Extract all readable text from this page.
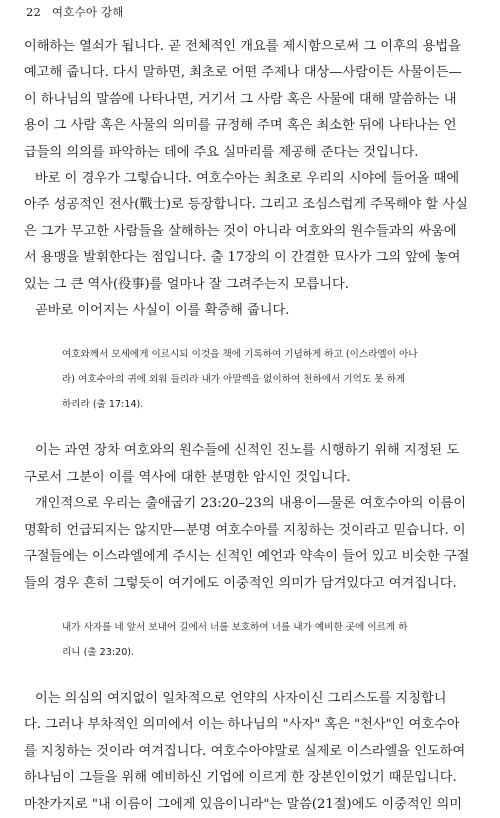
22 여호수아 강해
이해하는 열쇠가 됩니다. 곧 전체적인 개요를 제시함으로써 그 이후의 용법을
예고해 줍니다. 다시 말하면, 최초로 어떤 주제나 대상—사람이든 사물이든—
이 하나님의 말씀에 나타나면, 거기서 그 사람 혹은 사물에 대해 말씀하는 내
용이 그 사람 혹은 사물의 의미를 규정해 주며 혹은 최소한 뒤에 나타나는 언
급들의 의의를 파악하는 데에 주요 실마리를 제공해 준다는 것입니다.
바로 이 경우가 그렇습니다. 여호수아는 최초로 우리의 시야에 들어올 때에
아주 성공적인 전사(戰士)로 등장합니다. 그리고 조심스럽게 주목해야 할 사실
은 그가 무고한 사람들을 살해하는 것이 아니라 여호와의 원수들과의 싸움에
서 용맹을 발휘한다는 점입니다. 출 17장의 이 간결한 묘사가 그의 앞에 놓여
있는 그 큰 역사(役事)를 얼마나 잘 그려주는지 모릅니다.
곧바로 이어지는 사실이 이를 확증해 줍니다.
여호와께서 모세에게 이르시되 이것을 책에 기록하여 기념하게 하고 (이스라엘이 아나
라) 여호수아의 귀에 외워 들리라 내가 아말렉을 없이하여 천하에서 기억도 못 하게
하리라 (출 17:14).
이는 과연 장차 여호와의 원수들에 신적인 진노를 시행하기 위해 지정된 도
구로서 그분이 이를 역사에 대한 분명한 암시인 것입니다.
개인적으로 우리는 출애굽기 23:20–23의 내용이—물론 여호수아의 이름이
명확히 언급되지는 않지만—분명 여호수아를 지칭하는 것이라고 믿습니다. 이
구절들에는 이스라엘에게 주시는 신적인 예언과 약속이 들어 있고 비슷한 구절
들의 경우 흔히 그렇듯이 여기에도 이중적인 의미가 담겨있다고 여겨집니다.
내가 사자를 네 앞서 보내어 길에서 너를 보호하여 너를 내가 예비한 곳에 이르게 하
리니 (출 23:20).
이는 의심의 여지없이 일차적으로 언약의 사자이신 그리스도를 지칭합니
다. 그러나 부차적인 의미에서 이는 하나님의 "사자" 혹은 "천사"인 여호수아
를 지칭하는 것이라 여겨집니다. 여호수아야말로 실제로 이스라엘을 인도하여
하나님이 그들을 위해 예비하신 기업에 이르게 한 장본인이었기 때문입니다.
마찬가지로 "내 이름이 그에게 있음이니라"는 말씀(21절)에도 이중적인 의미
